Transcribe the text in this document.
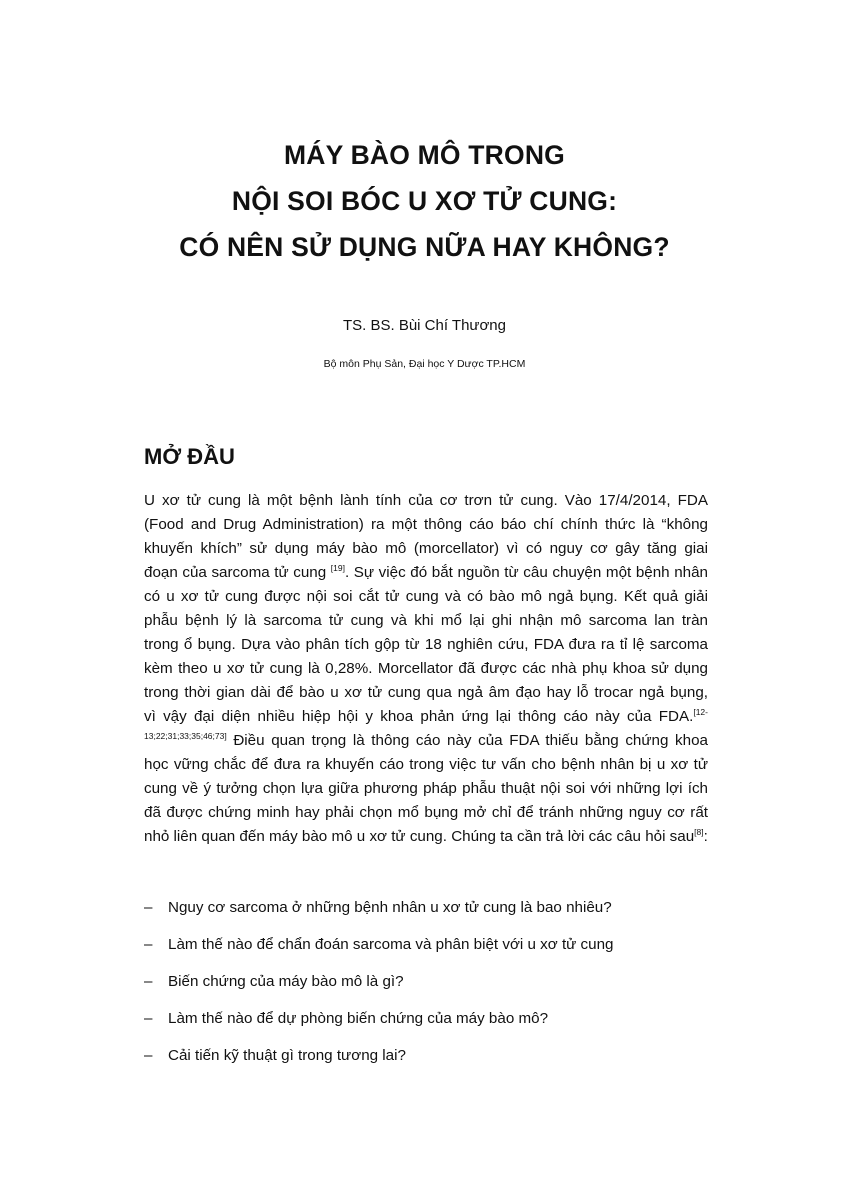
MÁY BÀO MÔ TRONG
NỘI SOI BÓC U XƠ TỬ CUNG:
CÓ NÊN SỬ DỤNG NỮA HAY KHÔNG?
TS. BS. Bùi Chí Thương
Bộ môn Phụ Sản, Đại học Y Dược TP.HCM
MỞ ĐẦU
U xơ tử cung là một bệnh lành tính của cơ trơn tử cung. Vào 17/4/2014, FDA
(Food and Drug Administration) ra một thông cáo báo chí chính thức là “không
khuyến khích” sử dụng máy bào mô (morcellator) vì có nguy cơ gây tăng giai
đoạn của sarcoma tử cung [19]. Sự việc đó bắt nguồn từ câu chuyện một bệnh nhân
có u xơ tử cung được nội soi cắt tử cung và có bào mô ngả bụng. Kết quả giải
phẫu bệnh lý là sarcoma tử cung và khi mổ lại ghi nhận mô sarcoma lan tràn
trong ổ bụng. Dựa vào phân tích gộp từ 18 nghiên cứu, FDA đưa ra tỉ lệ sarcoma
kèm theo u xơ tử cung là 0,28%. Morcellator đã được các nhà phụ khoa sử dụng
trong thời gian dài để bào u xơ tử cung qua ngả âm đạo hay lỗ trocar ngả bụng,
vì vậy đại diện nhiều hiệp hội y khoa phản ứng lại thông cáo này của FDA.$^{[12-}$
$^{13;22;31;33;35;46;73]}$ Điều quan trọng là thông cáo này của FDA thiếu bằng chứng khoa
học vững chắc để đưa ra khuyến cáo trong việc tư vấn cho bệnh nhân bị u xơ tử
cung về ý tưởng chọn lựa giữa phương pháp phẫu thuật nội soi với những lợi ích
đã được chứng minh hay phải chọn mổ bụng mở chỉ để tránh những nguy cơ rất
nhỏ liên quan đến máy bào mô u xơ tử cung. Chúng ta cần trả lời các câu hỏi sau[8]:
– Nguy cơ sarcoma ở những bệnh nhân u xơ tử cung là bao nhiêu?
– Làm thế nào để chẩn đoán sarcoma và phân biệt với u xơ tử cung
– Biến chứng của máy bào mô là gì?
– Làm thế nào để dự phòng biến chứng của máy bào mô?
– Cải tiến kỹ thuật gì trong tương lai?
